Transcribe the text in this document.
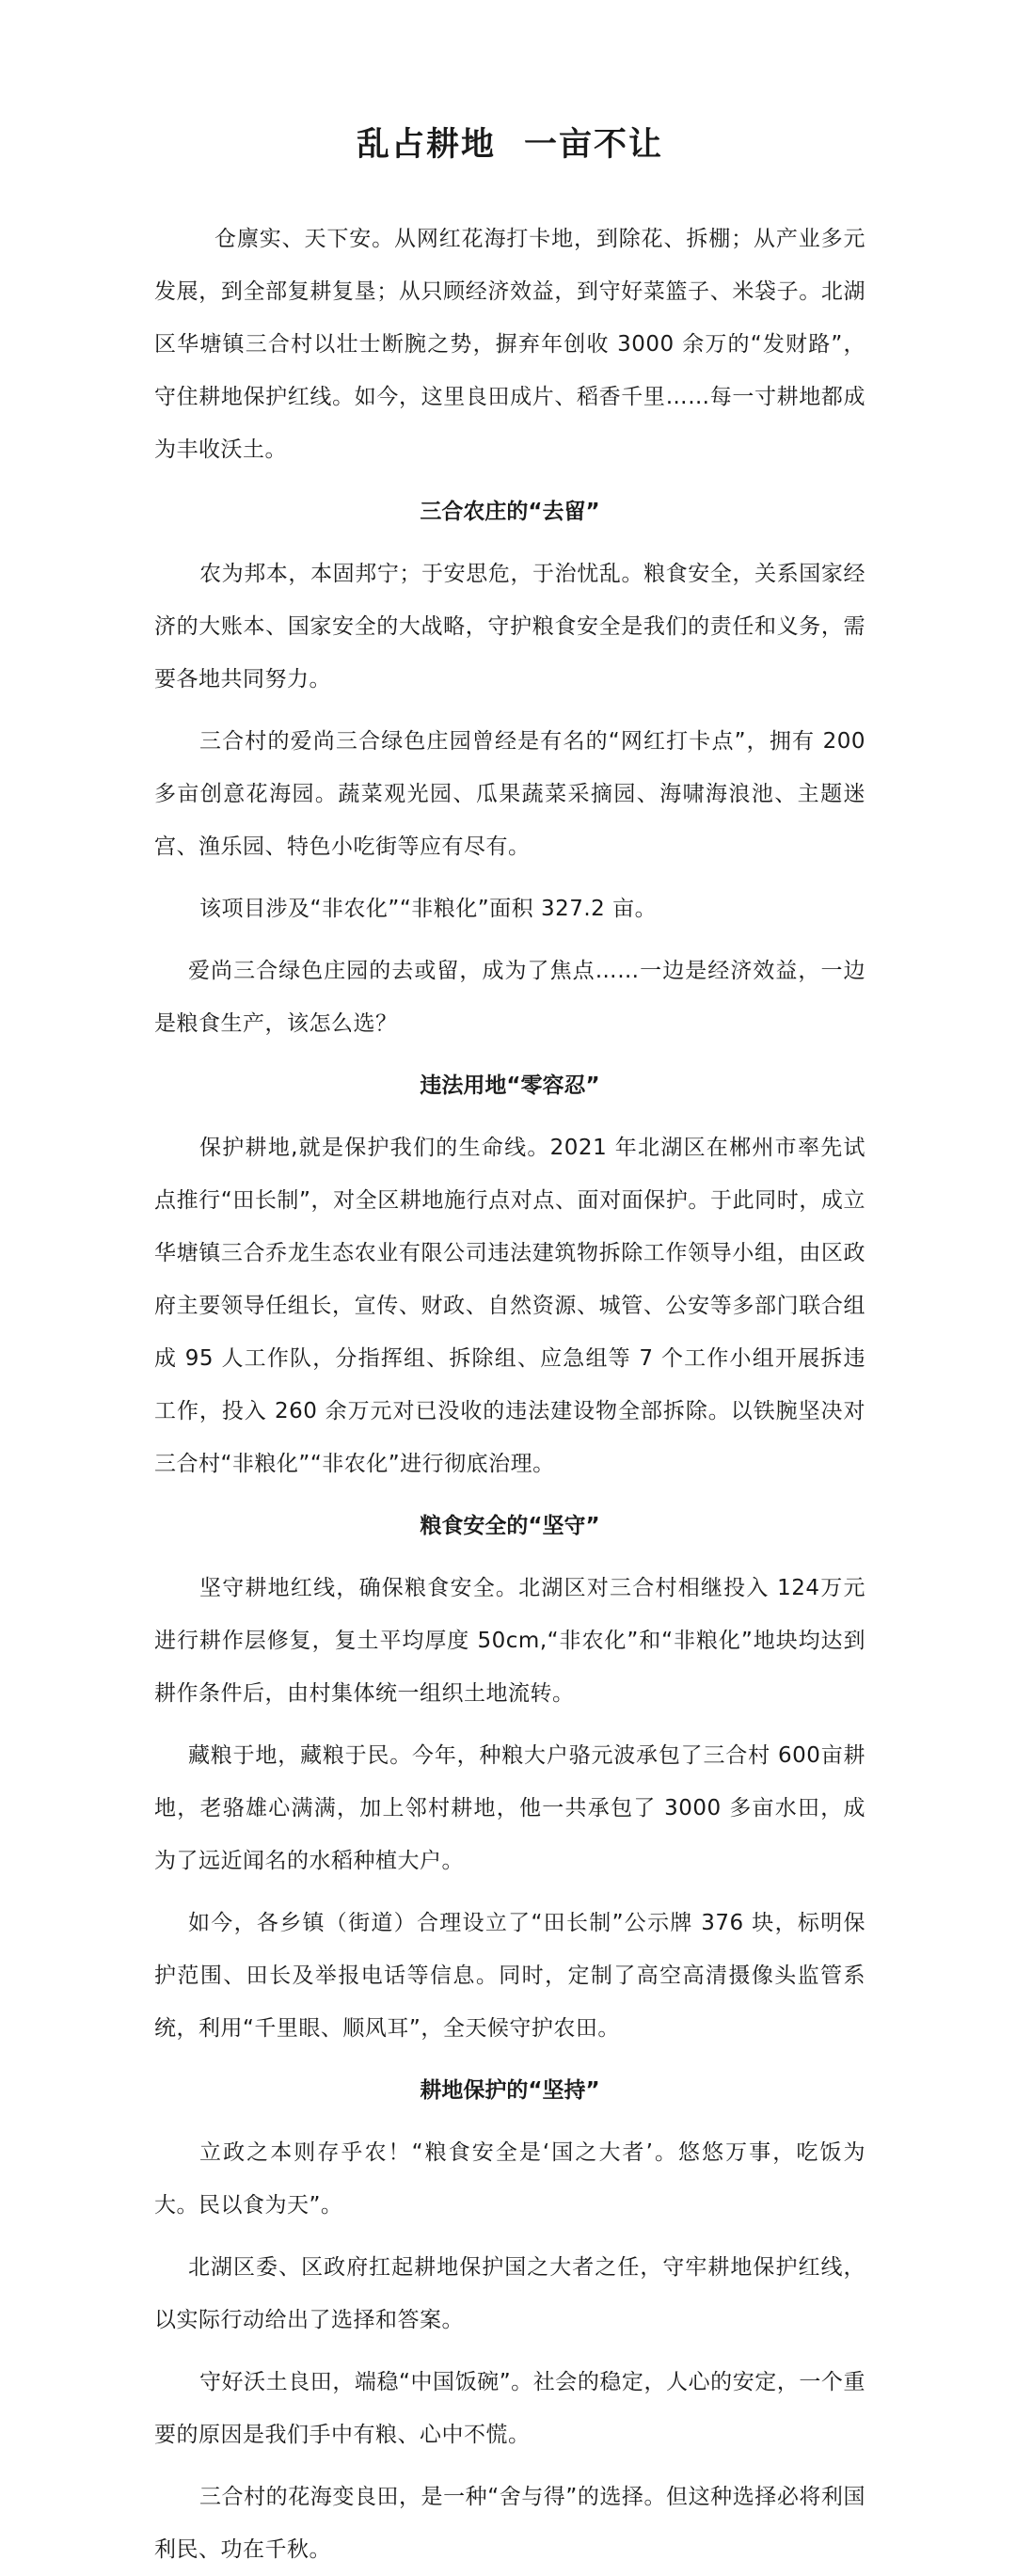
乱占耕地 一亩不让

仓廪实、天下安。从网红花海打卡地，到除花、拆棚；从产业多元发展，到全部复耕复垦；从只顾经济效益，到守好菜篮子、米袋子。北湖区华塘镇三合村以壮士断腕之势，摒弃年创收 3000 余万的“发财路”，守住耕地保护红线。如今，这里良田成片、稻香千里……每一寸耕地都成为丰收沃土。

三合农庄的“去留”

农为邦本，本固邦宁；于安思危，于治忧乱。粮食安全，关系国家经济的大账本、国家安全的大战略，守护粮食安全是我们的责任和义务，需要各地共同努力。

三合村的爱尚三合绿色庄园曾经是有名的“网红打卡点”，拥有 200多亩创意花海园。蔬菜观光园、瓜果蔬菜采摘园、海啸海浪池、主题迷宫、渔乐园、特色小吃街等应有尽有。

该项目涉及“非农化”“非粮化”面积 327.2 亩。

爱尚三合绿色庄园的去或留，成为了焦点……一边是经济效益，一边是粮食生产，该怎么选？

违法用地“零容忍”

保护耕地,就是保护我们的生命线。2021 年北湖区在郴州市率先试点推行“田长制”，对全区耕地施行点对点、面对面保护。于此同时，成立华塘镇三合乔龙生态农业有限公司违法建筑物拆除工作领导小组，由区政府主要领导任组长，宣传、财政、自然资源、城管、公安等多部门联合组成 95 人工作队，分指挥组、拆除组、应急组等 7 个工作小组开展拆违工作，投入 260 余万元对已没收的违法建设物全部拆除。以铁腕坚决对三合村“非粮化”“非农化”进行彻底治理。

粮食安全的“坚守”

坚守耕地红线，确保粮食安全。北湖区对三合村相继投入 124万元进行耕作层修复，复土平均厚度 50cm,“非农化”和“非粮化”地块均达到耕作条件后，由村集体统一组织土地流转。

藏粮于地，藏粮于民。今年，种粮大户骆元波承包了三合村 600亩耕地，老骆雄心满满，加上邻村耕地，他一共承包了 3000 多亩水田，成为了远近闻名的水稻种植大户。

如今，各乡镇（街道）合理设立了“田长制”公示牌 376 块，标明保护范围、田长及举报电话等信息。同时，定制了高空高清摄像头监管系统，利用“千里眼、顺风耳”，全天候守护农田。

耕地保护的“坚持”

立政之本则存乎农！“粮食安全是‘国之大者’。悠悠万事，吃饭为大。民以食为天”。

北湖区委、区政府扛起耕地保护国之大者之任，守牢耕地保护红线，以实际行动给出了选择和答案。

守好沃土良田，端稳“中国饭碗”。社会的稳定，人心的安定，一个重要的原因是我们手中有粮、心中不慌。

三合村的花海变良田，是一种“舍与得”的选择。但这种选择必将利国利民、功在千秋。
